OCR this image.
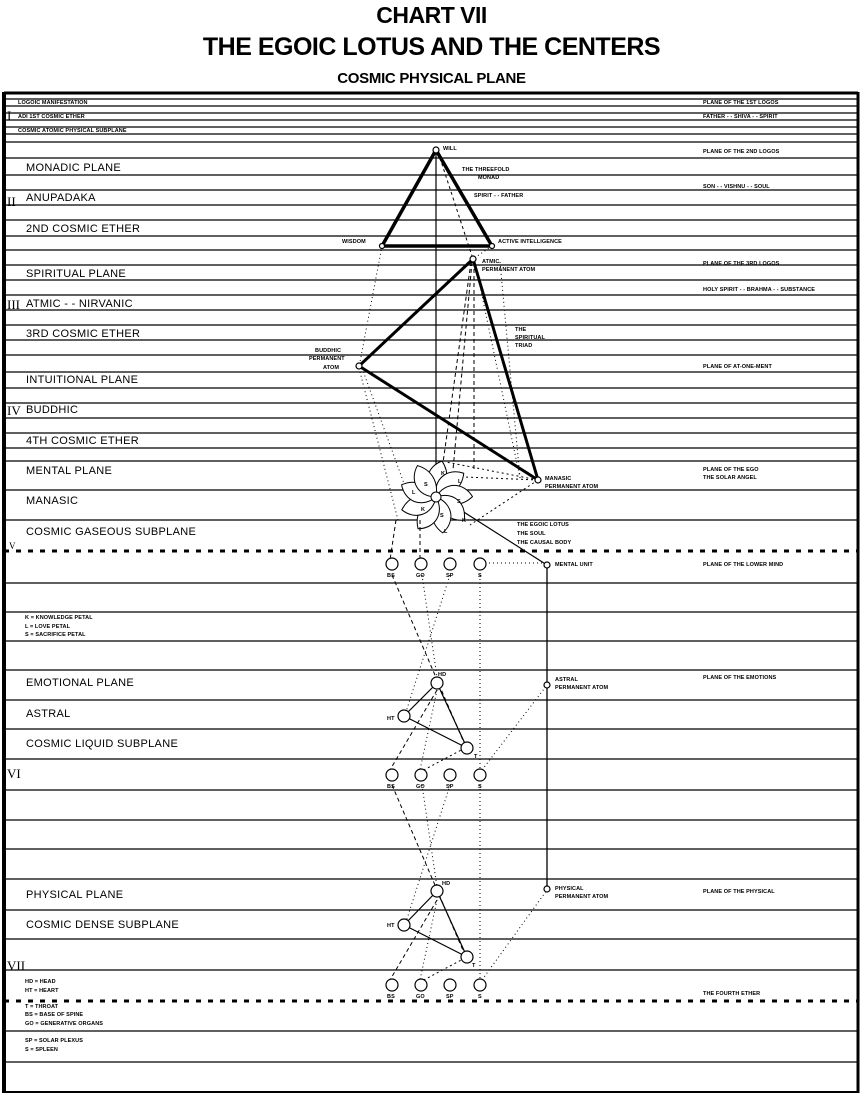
CHART VII
THE EGOIC LOTUS AND THE CENTERS
COSMIC PHYSICAL PLANE
I
II
III
IV
V
VI
VII
LOGOIC MANIFESTATION
ADI 1ST COSMIC ETHER
COSMIC ATOMIC PHYSICAL SUBPLANE
MONADIC PLANE
ANUPADAKA
2ND COSMIC ETHER
SPIRITUAL PLANE
ATMIC - - NIRVANIC
3RD COSMIC ETHER
INTUITIONAL PLANE
BUDDHIC
4TH COSMIC ETHER
MENTAL PLANE
MANASIC
COSMIC GASEOUS SUBPLANE
EMOTIONAL PLANE
ASTRAL
COSMIC LIQUID SUBPLANE
PHYSICAL PLANE
COSMIC DENSE SUBPLANE
PLANE OF THE 1ST LOGOS
FATHER - - SHIVA - - SPIRIT
PLANE OF THE 2ND LOGOS
SON - - VISHNU - - SOUL
PLANE OF THE 3RD LOGOS
HOLY SPIRIT - - BRAHMA - - SUBSTANCE
PLANE OF AT-ONE-MENT
PLANE OF THE EGO
THE SOLAR ANGEL
PLANE OF THE LOWER MIND
PLANE OF THE EMOTIONS
PLANE OF THE PHYSICAL
THE FOURTH ETHER
WILL
THE THREEFOLD
MONAD
SPIRIT - - FATHER
WISDOM	ACTIVE INTELLIGENCE
ATMIC
PERMANENT ATOM
THE
SPIRITUAL
TRIAD
BUDDHIC
PERMANENT
ATOM
MANASIC
PERMANENT ATOM
THE EGOIC LOTUS
THE SOUL
THE CAUSAL BODY
MENTAL UNIT
ASTRAL
PERMANENT ATOM
PHYSICAL
PERMANENT ATOM
K
L
S
L
S
K
S
K
L
BS	GO	SP	S
HD
HT
T
BS	GO	SP	S
HD
HT
T
BS	GO	SP	S
K = KNOWLEDGE PETAL
L = LOVE PETAL
S = SACRIFICE PETAL
HD = HEAD
HT = HEART
T = THROAT
BS = BASE OF SPINE
GO = GENERATIVE ORGANS
SP = SOLAR PLEXUS
S = SPLEEN
